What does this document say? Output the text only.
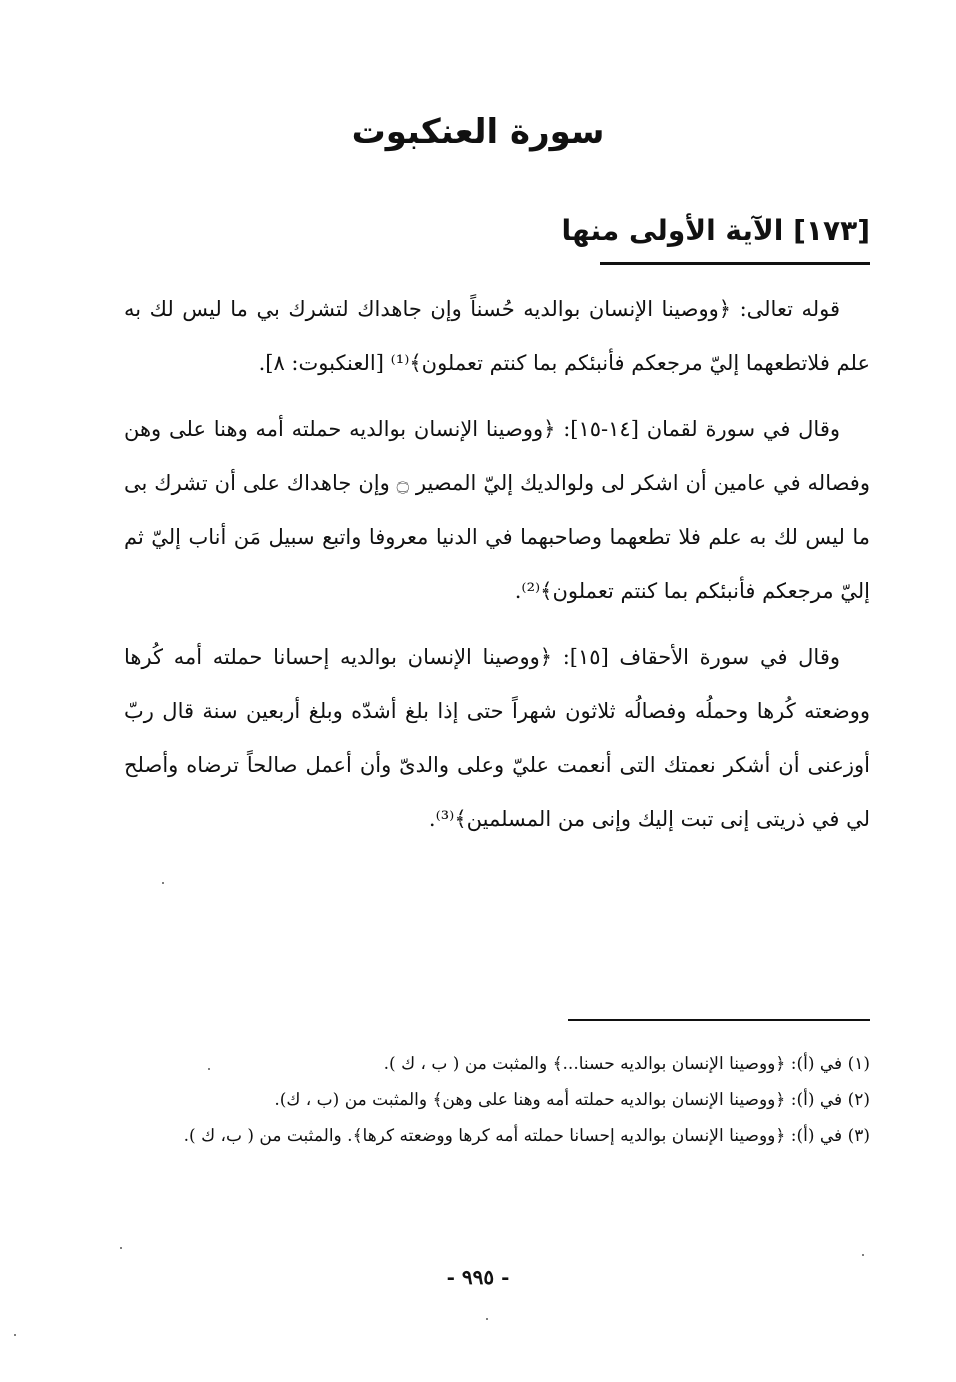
سورة العنكبوت
[١٧٣] الآية الأولى منها

قوله تعالى: ﴿ووصينا الإنسان بوالديه حُسناً وإن جاهداك لتشرك بي ما ليس لك به علم فلاتطعهما إليّ مرجعكم فأنبئكم بما كنتم تعملون﴾⁽¹⁾ [العنكبوت: ٨].

وقال في سورة لقمان [١٤-١٥]: ﴿ووصينا الإنسان بوالديه حملته أمه وهنا على وهن وفصاله في عامين أن اشكر لى ولوالديك إليّ المصير ۝ وإن جاهداك على أن تشرك بى ما ليس لك به علم فلا تطعهما وصاحبهما في الدنيا معروفا واتبع سبيل مَن أناب إليّ ثم إليّ مرجعكم فأنبئكم بما كنتم تعملون﴾⁽²⁾.

وقال في سورة الأحقاف [١٥]: ﴿ووصينا الإنسان بوالديه إحسانا حملته أمه كُرها ووضعته كُرها وحملُه وفصالُه ثلاثون شهراً حتى إذا بلغ أشدّه وبلغ أربعين سنة قال ربّ أوزعنى أن أشكر نعمتك التى أنعمت عليّ وعلى والدىّ وأن أعمل صالحاً ترضاه وأصلح لي في ذريتى إنى تبت إليك وإنى من المسلمين﴾⁽³⁾.

(١) في (أ): ﴿ووصينا الإنسان بوالديه حسنا...﴾ والمثبت من ( ب ، ك ).

(٢) في (أ): ﴿ووصينا الإنسان بوالديه حملته أمه وهنا على وهن﴾ والمثبت من (ب ، ك).

(٣) في (أ): ﴿ووصينا الإنسان بوالديه إحسانا حملته أمه كرها ووضعته كرها﴾. والمثبت من ( ب، ك ).

- ٩٩٥ -
